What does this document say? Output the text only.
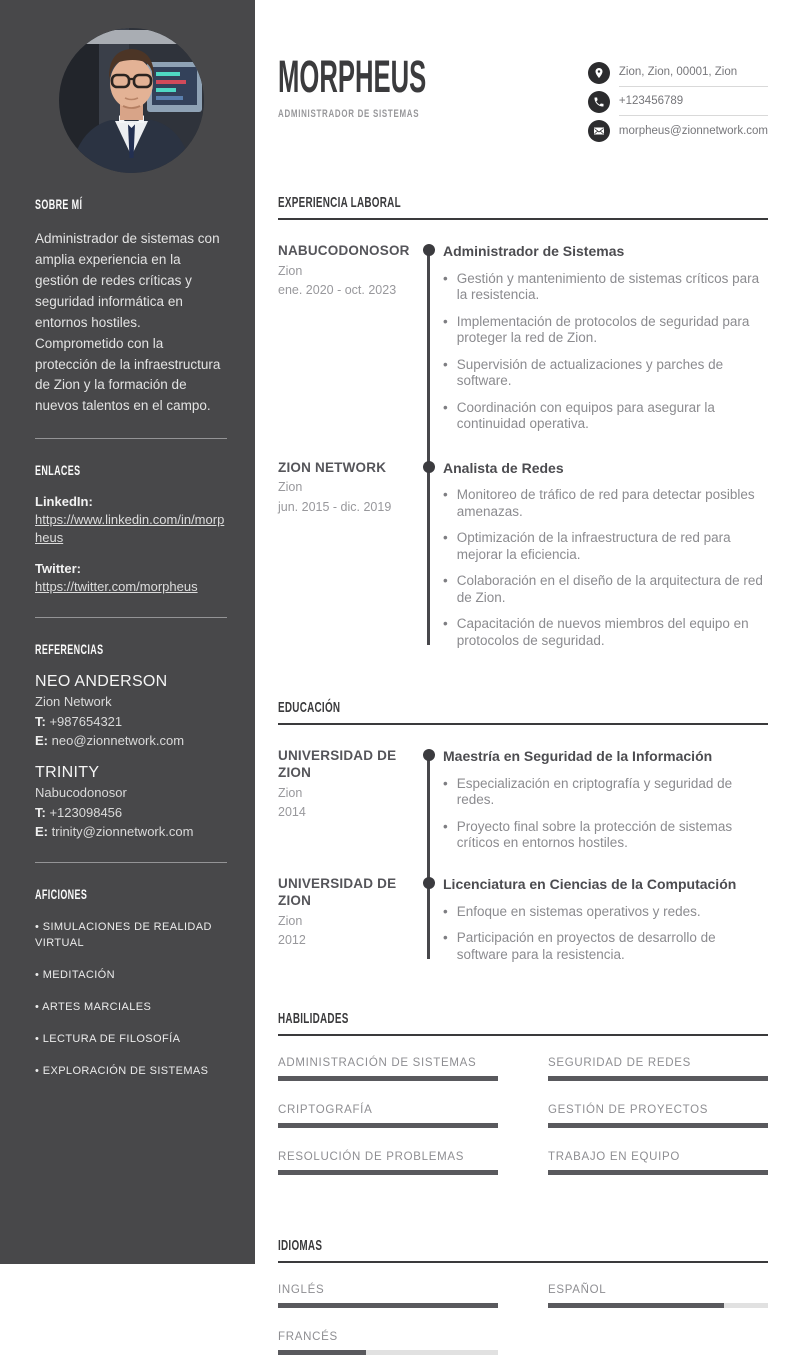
SOBRE MÍ

Administrador de sistemas con amplia experiencia en la gestión de redes críticas y seguridad informática en entornos hostiles. Comprometido con la protección de la infraestructura de Zion y la formación de nuevos talentos en el campo.

ENLACES
LinkedIn:
https://www.linkedin.com/in/morpheus
Twitter:
https://twitter.com/morpheus
REFERENCIAS
NEO ANDERSON
Zion Network
T: +987654321
E: neo@zionnetwork.com
TRINITY
Nabucodonosor
T: +123098456
E: trinity@zionnetwork.com
AFICIONES
• SIMULACIONES DE REALIDAD VIRTUAL
• MEDITACIÓN
• ARTES MARCIALES
• LECTURA DE FILOSOFÍA
• EXPLORACIÓN DE SISTEMAS
MORPHEUS ADMINISTRADOR DE SISTEMAS
Zion, Zion, 00001, Zion
+123456789
morpheus@zionnetwork.com
EXPERIENCIA LABORAL
NABUCODONOSOR
Zion
ene. 2020 - oct. 2023
Administrador de Sistemas
• Gestión y mantenimiento de sistemas críticos para la resistencia.
• Implementación de protocolos de seguridad para proteger la red de Zion.
• Supervisión de actualizaciones y parches de software.
• Coordinación con equipos para asegurar la continuidad operativa.
ZION NETWORK
Zion
jun. 2015 - dic. 2019
Analista de Redes
• Monitoreo de tráfico de red para detectar posibles amenazas.
• Optimización de la infraestructura de red para mejorar la eficiencia.
• Colaboración en el diseño de la arquitectura de red de Zion.
• Capacitación de nuevos miembros del equipo en protocolos de seguridad.
EDUCACIÓN
UNIVERSIDAD DE ZION
Zion
2014
Maestría en Seguridad de la Información
• Especialización en criptografía y seguridad de redes.
• Proyecto final sobre la protección de sistemas críticos en entornos hostiles.
UNIVERSIDAD DE ZION
Zion
2012
Licenciatura en Ciencias de la Computación
• Enfoque en sistemas operativos y redes.
• Participación en proyectos de desarrollo de software para la resistencia.
HABILIDADES
ADMINISTRACIÓN DE SISTEMAS	SEGURIDAD DE REDES
CRIPTOGRAFÍA	GESTIÓN DE PROYECTOS
RESOLUCIÓN DE PROBLEMAS	TRABAJO EN EQUIPO
IDIOMAS
INGLÉS	ESPAÑOL
FRANCÉS
